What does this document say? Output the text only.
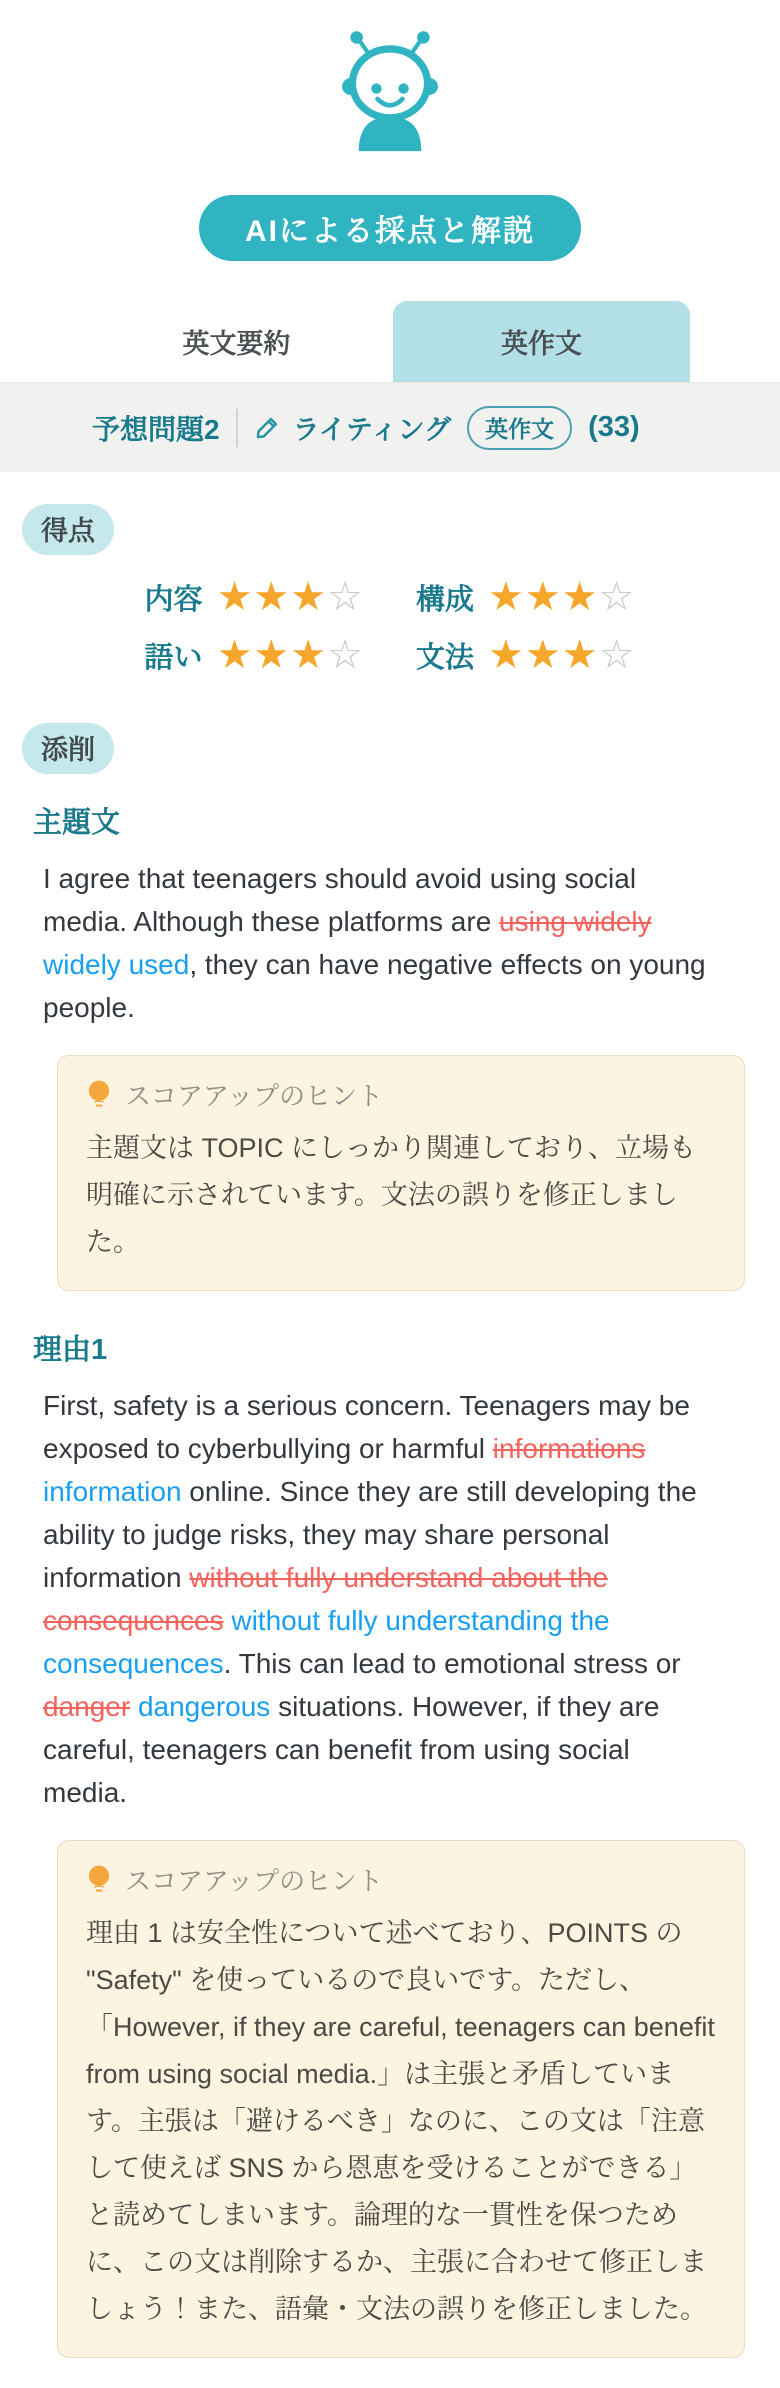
AIによる採点と解説
英文要約	英作文
予想問題2	ライティング	英作文	(33)
得点
内容 ★ ★ ★ ☆ 構成 ★ ★ ★ ☆
語い ★ ★ ★ ☆ 文法 ★ ★ ★ ☆
添削
主題文

I agree that teenagers should avoid using social media. Although these platforms are using widely widely used, they can have negative effects on young people.

スコアアップのヒント

主題文は TOPIC にしっかり関連しており、立場も明確に示されています。文法の誤りを修正しました。

理由1

First, safety is a serious concern. Teenagers may be exposed to cyberbullying or harmful informations information online. Since they are still developing the ability to judge risks, they may share personal information without fully understand about the consequences without fully understanding the consequences. This can lead to emotional stress or danger dangerous situations. However, if they are careful, teenagers can benefit from using social media.

スコアアップのヒント

理由 1 は安全性について述べており、POINTS の "Safety" を使っているので良いです。ただし、「However, if they are careful, teenagers can benefit from using social media.」は主張と矛盾しています。主張は「避けるべき」なのに、この文は「注意して使えば SNS から恩恵を受けることができる」と読めてしまいます。論理的な一貫性を保つために、この文は削除するか、主張に合わせて修正しましょう！また、語彙・文法の誤りを修正しました。
